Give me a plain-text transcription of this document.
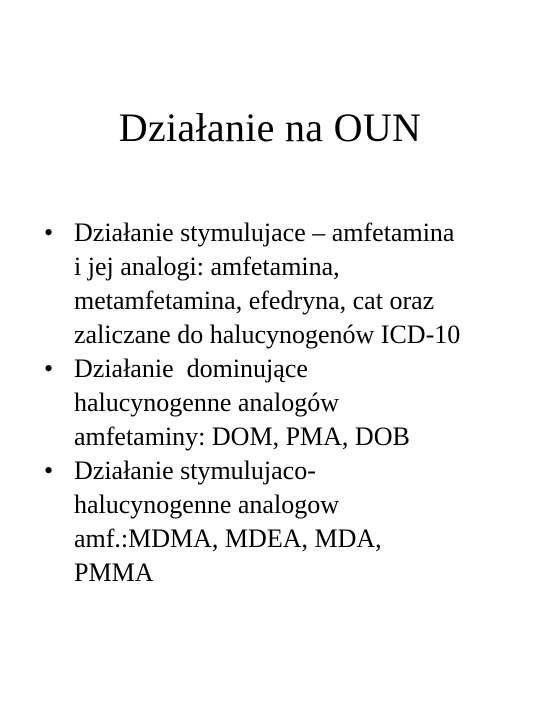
Działanie na OUN
• Działanie stymulujace – amfetamina
i jej analogi: amfetamina,
metamfetamina, efedryna, cat oraz
zaliczane do halucynogenów ICD-10
• Działanie  dominujące
halucynogenne analogów
amfetaminy: DOM, PMA, DOB
• Działanie stymulujaco-
halucynogenne analogow
amf.:MDMA, MDEA, MDA,
PMMA
